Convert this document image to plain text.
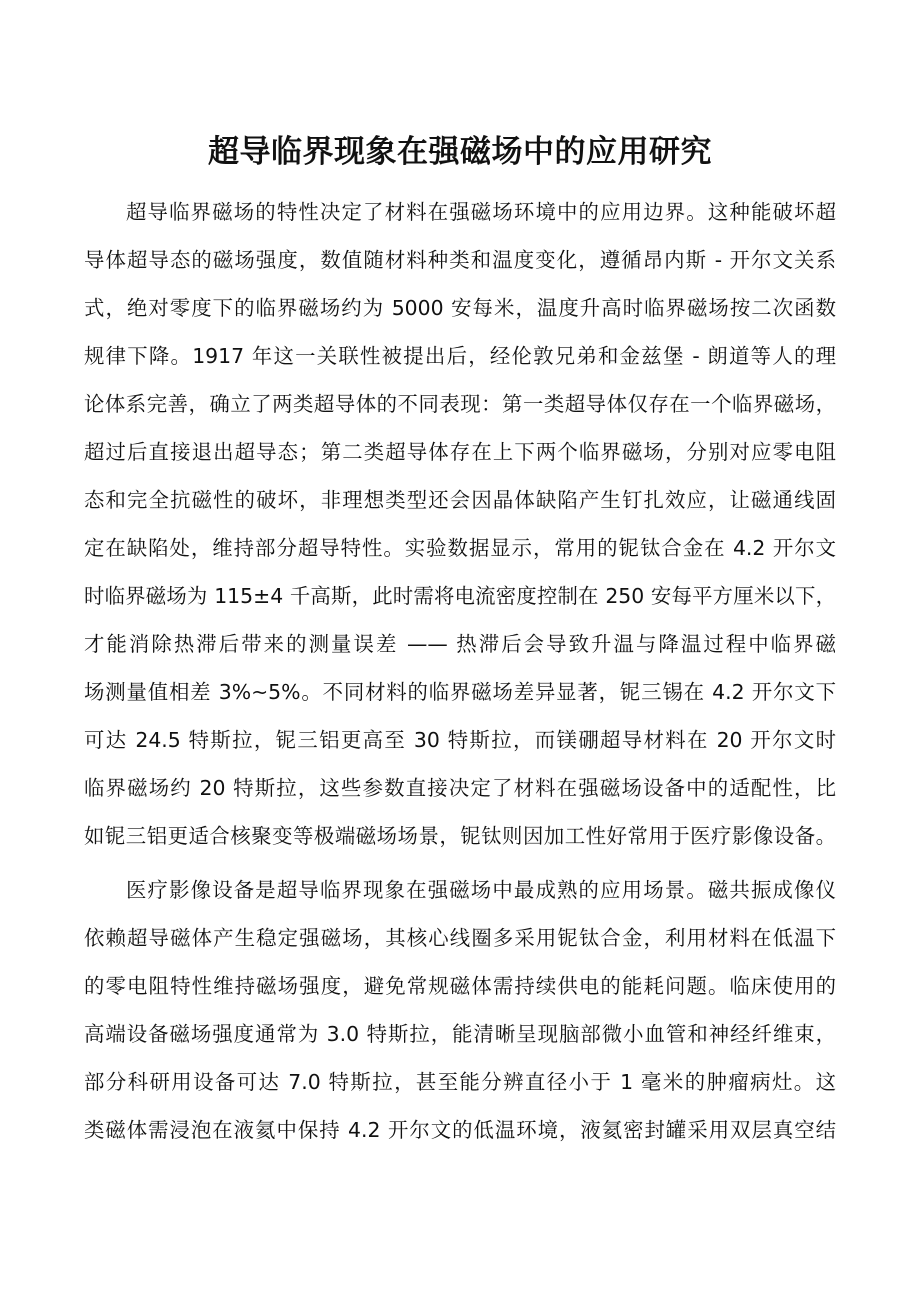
超导临界现象在强磁场中的应用研究
超导临界磁场的特性决定了材料在强磁场环境中的应用边界。这种能破坏超
导体超导态的磁场强度，数值随材料种类和温度变化，遵循昂内斯 - 开尔文关系
式，绝对零度下的临界磁场约为 5000 安每米，温度升高时临界磁场按二次函数
规律下降。1917 年这一关联性被提出后，经伦敦兄弟和金兹堡 - 朗道等人的理
论体系完善，确立了两类超导体的不同表现：第一类超导体仅存在一个临界磁场，
超过后直接退出超导态；第二类超导体存在上下两个临界磁场，分别对应零电阻
态和完全抗磁性的破坏，非理想类型还会因晶体缺陷产生钉扎效应，让磁通线固
定在缺陷处，维持部分超导特性。实验数据显示，常用的铌钛合金在 4.2 开尔文
时临界磁场为 115±4 千高斯，此时需将电流密度控制在 250 安每平方厘米以下，
才能消除热滞后带来的测量误差 —— 热滞后会导致升温与降温过程中临界磁
场测量值相差 3%~5%。不同材料的临界磁场差异显著，铌三锡在 4.2 开尔文下
可达 24.5 特斯拉，铌三铝更高至 30 特斯拉，而镁硼超导材料在 20 开尔文时
临界磁场约 20 特斯拉，这些参数直接决定了材料在强磁场设备中的适配性，比
如铌三铝更适合核聚变等极端磁场场景，铌钛则因加工性好常用于医疗影像设备。
医疗影像设备是超导临界现象在强磁场中最成熟的应用场景。磁共振成像仪
依赖超导磁体产生稳定强磁场，其核心线圈多采用铌钛合金，利用材料在低温下
的零电阻特性维持磁场强度，避免常规磁体需持续供电的能耗问题。临床使用的
高端设备磁场强度通常为 3.0 特斯拉，能清晰呈现脑部微小血管和神经纤维束，
部分科研用设备可达 7.0 特斯拉，甚至能分辨直径小于 1 毫米的肿瘤病灶。这
类磁体需浸泡在液氦中保持 4.2 开尔文的低温环境，液氦密封罐采用双层真空结
